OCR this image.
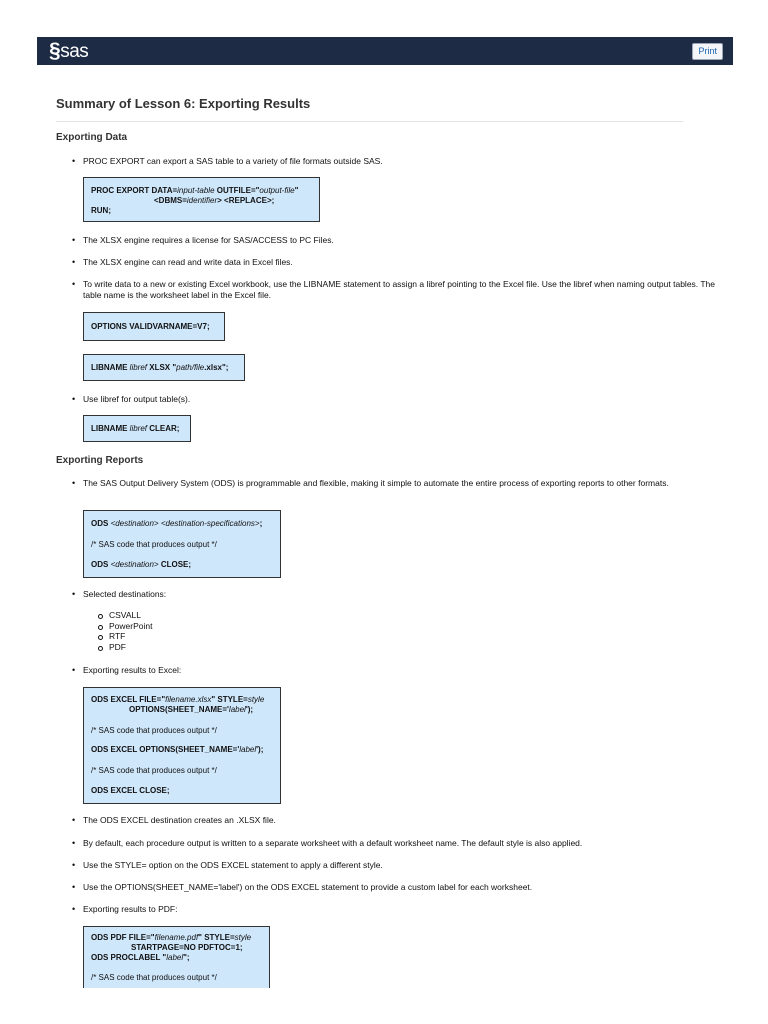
§sas	Print
Summary of Lesson 6: Exporting Results
Exporting Data
• PROC EXPORT can export a SAS table to a variety of file formats outside SAS.
PROC EXPORT DATA=input-table OUTFILE="output-file"
<DBMS=identifier> <REPLACE>;
RUN;
• The XLSX engine requires a license for SAS/ACCESS to PC Files.
• The XLSX engine can read and write data in Excel files.
• To write data to a new or existing Excel workbook, use the LIBNAME statement to assign a libref pointing to the Excel file. Use the libref when naming output tables. The table name is the worksheet label in the Excel file.
OPTIONS VALIDVARNAME=V7;
LIBNAME libref XLSX "path/file.xlsx";
• Use libref for output table(s).
LIBNAME libref CLEAR;
Exporting Reports
• The SAS Output Delivery System (ODS) is programmable and flexible, making it simple to automate the entire process of exporting reports to other formats.
ODS <destination> <destination-specifications>;
/* SAS code that produces output */
ODS <destination> CLOSE;
• Selected destinations:
CSVALL
PowerPoint
RTF
PDF
• Exporting results to Excel:
ODS EXCEL FILE="filename.xlsx" STYLE=style
OPTIONS(SHEET_NAME='label');
/* SAS code that produces output */
ODS EXCEL OPTIONS(SHEET_NAME='label');
/* SAS code that produces output */
ODS EXCEL CLOSE;
• The ODS EXCEL destination creates an .XLSX file.
• By default, each procedure output is written to a separate worksheet with a default worksheet name. The default style is also applied.
• Use the STYLE= option on the ODS EXCEL statement to apply a different style.
• Use the OPTIONS(SHEET_NAME='label') on the ODS EXCEL statement to provide a custom label for each worksheet.
• Exporting results to PDF:
ODS PDF FILE="filename.pdf" STYLE=style
STARTPAGE=NO PDFTOC=1;
ODS PROCLABEL "label";
/* SAS code that produces output */
